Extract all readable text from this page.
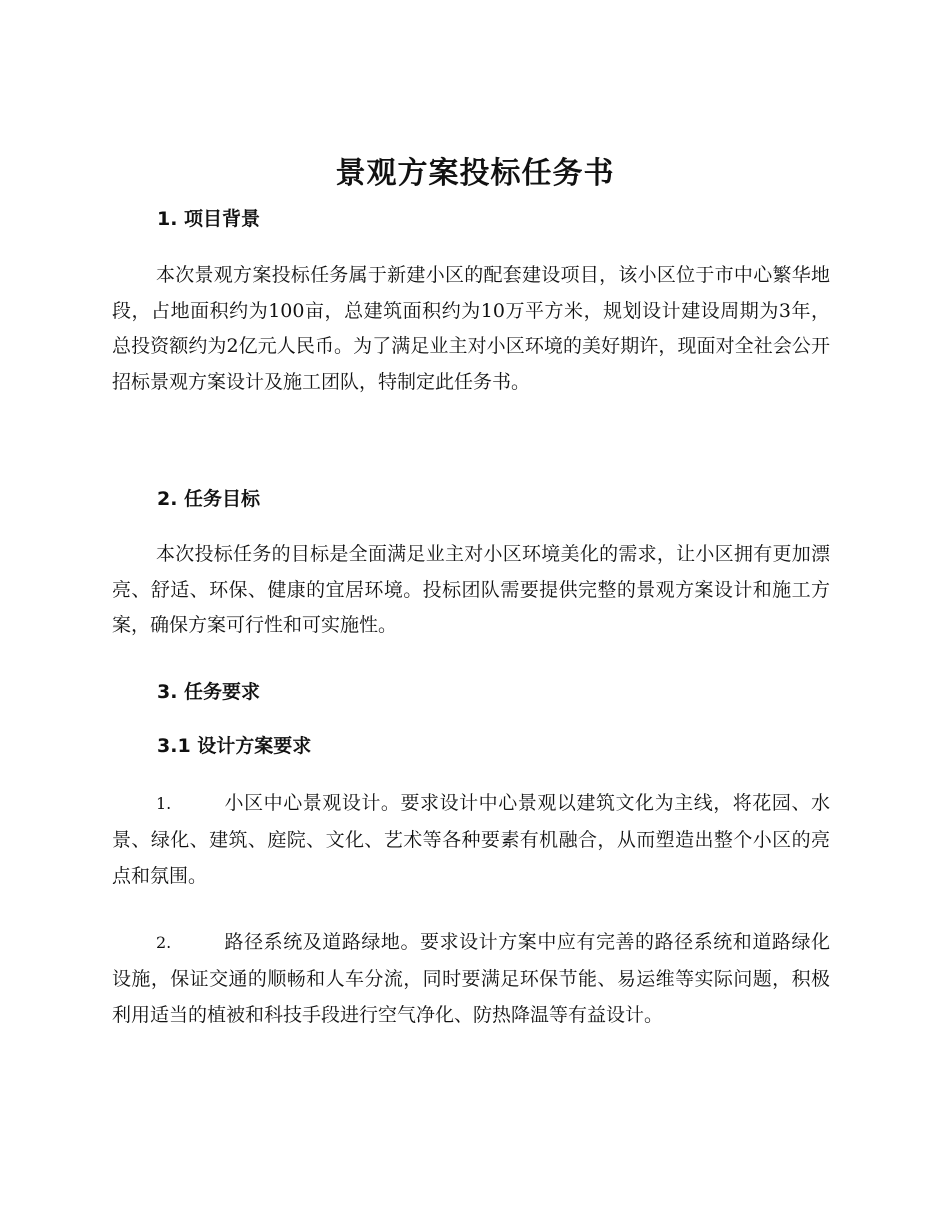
景观方案投标任务书
1. 项目背景
本次景观方案投标任务属于新建小区的配套建设项目，该小区位于市中心繁华地段，占地面积约为100亩，总建筑面积约为10万平方米，规划设计建设周期为3年，总投资额约为2亿元人民币。为了满足业主对小区环境的美好期许，现面对全社会公开招标景观方案设计及施工团队，特制定此任务书。
2. 任务目标
本次投标任务的目标是全面满足业主对小区环境美化的需求，让小区拥有更加漂亮、舒适、环保、健康的宜居环境。投标团队需要提供完整的景观方案设计和施工方案，确保方案可行性和可实施性。
3. 任务要求
3.1 设计方案要求
1.	小区中心景观设计。要求设计中心景观以建筑文化为主线，将花园、水景、绿化、建筑、庭院、文化、艺术等各种要素有机融合，从而塑造出整个小区的亮点和氛围。
2.	路径系统及道路绿地。要求设计方案中应有完善的路径系统和道路绿化设施，保证交通的顺畅和人车分流，同时要满足环保节能、易运维等实际问题，积极利用适当的植被和科技手段进行空气净化、防热降温等有益设计。
